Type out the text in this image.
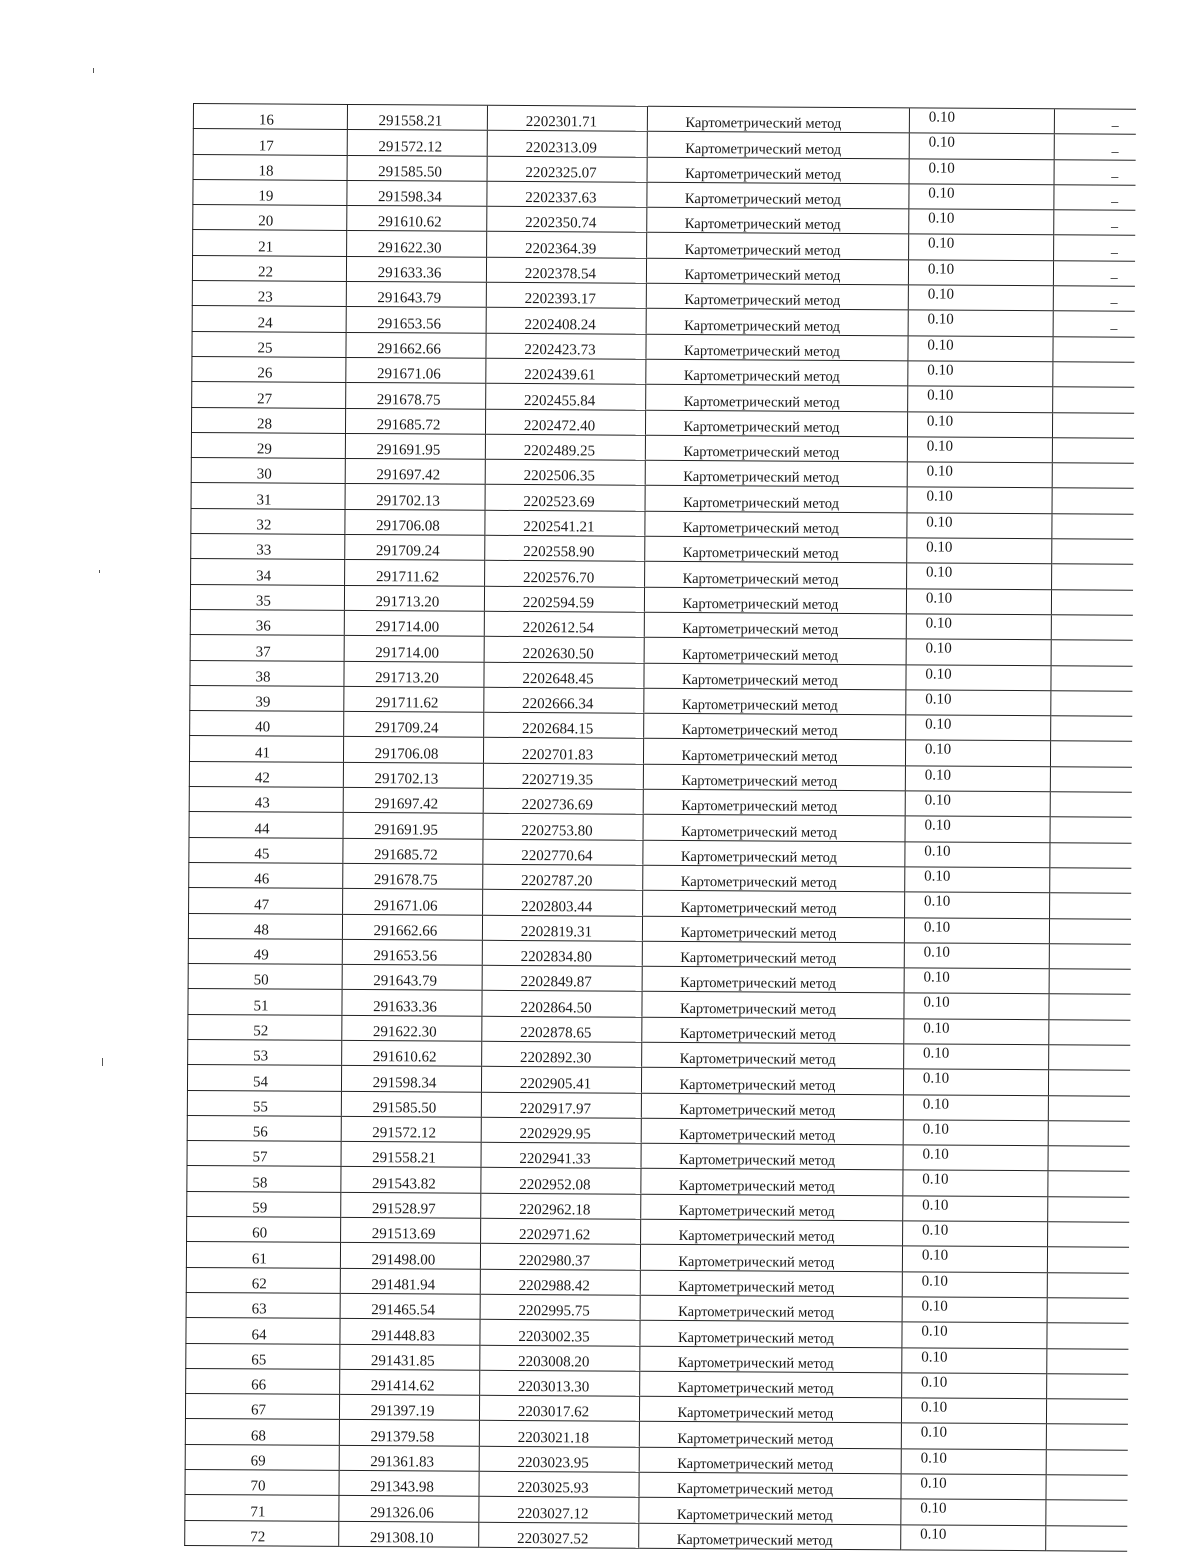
16	291558.21	2202301.71	Картометрический метод	0.10	–
17	291572.12	2202313.09	Картометрический метод	0.10	–
18	291585.50	2202325.07	Картометрический метод	0.10	–
19	291598.34	2202337.63	Картометрический метод	0.10	–
20	291610.62	2202350.74	Картометрический метод	0.10	–
21	291622.30	2202364.39	Картометрический метод	0.10	–
22	291633.36	2202378.54	Картометрический метод	0.10	–
23	291643.79	2202393.17	Картометрический метод	0.10	–
24	291653.56	2202408.24	Картометрический метод	0.10	–
25	291662.66	2202423.73	Картометрический метод	0.10	
26	291671.06	2202439.61	Картометрический метод	0.10	
27	291678.75	2202455.84	Картометрический метод	0.10	
28	291685.72	2202472.40	Картометрический метод	0.10	
29	291691.95	2202489.25	Картометрический метод	0.10	
30	291697.42	2202506.35	Картометрический метод	0.10	
31	291702.13	2202523.69	Картометрический метод	0.10	
32	291706.08	2202541.21	Картометрический метод	0.10	
33	291709.24	2202558.90	Картометрический метод	0.10	
34	291711.62	2202576.70	Картометрический метод	0.10	
35	291713.20	2202594.59	Картометрический метод	0.10	
36	291714.00	2202612.54	Картометрический метод	0.10	
37	291714.00	2202630.50	Картометрический метод	0.10	
38	291713.20	2202648.45	Картометрический метод	0.10	
39	291711.62	2202666.34	Картометрический метод	0.10	
40	291709.24	2202684.15	Картометрический метод	0.10	
41	291706.08	2202701.83	Картометрический метод	0.10	
42	291702.13	2202719.35	Картометрический метод	0.10	
43	291697.42	2202736.69	Картометрический метод	0.10	
44	291691.95	2202753.80	Картометрический метод	0.10	
45	291685.72	2202770.64	Картометрический метод	0.10	
46	291678.75	2202787.20	Картометрический метод	0.10	
47	291671.06	2202803.44	Картометрический метод	0.10	
48	291662.66	2202819.31	Картометрический метод	0.10	
49	291653.56	2202834.80	Картометрический метод	0.10	
50	291643.79	2202849.87	Картометрический метод	0.10	
51	291633.36	2202864.50	Картометрический метод	0.10	
52	291622.30	2202878.65	Картометрический метод	0.10	
53	291610.62	2202892.30	Картометрический метод	0.10	
54	291598.34	2202905.41	Картометрический метод	0.10	
55	291585.50	2202917.97	Картометрический метод	0.10	
56	291572.12	2202929.95	Картометрический метод	0.10	
57	291558.21	2202941.33	Картометрический метод	0.10	
58	291543.82	2202952.08	Картометрический метод	0.10	
59	291528.97	2202962.18	Картометрический метод	0.10	
60	291513.69	2202971.62	Картометрический метод	0.10	
61	291498.00	2202980.37	Картометрический метод	0.10	
62	291481.94	2202988.42	Картометрический метод	0.10	
63	291465.54	2202995.75	Картометрический метод	0.10	
64	291448.83	2203002.35	Картометрический метод	0.10	
65	291431.85	2203008.20	Картометрический метод	0.10	
66	291414.62	2203013.30	Картометрический метод	0.10	
67	291397.19	2203017.62	Картометрический метод	0.10	
68	291379.58	2203021.18	Картометрический метод	0.10	
69	291361.83	2203023.95	Картометрический метод	0.10	
70	291343.98	2203025.93	Картометрический метод	0.10	
71	291326.06	2203027.12	Картометрический метод	0.10	
72	291308.10	2203027.52	Картометрический метод	0.10	
